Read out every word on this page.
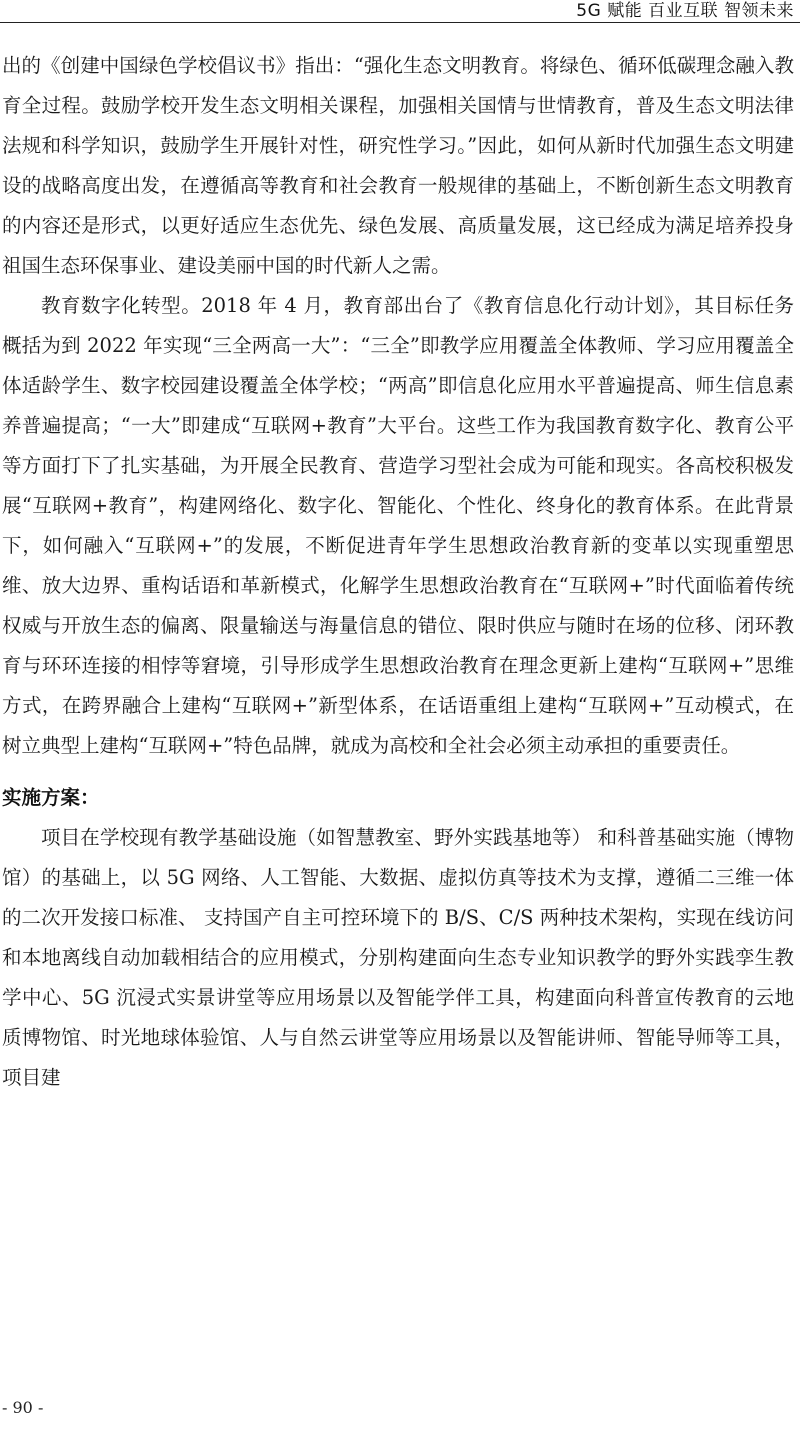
5G 赋能 百业互联 智领未来

出的《创建中国绿色学校倡议书》指出：“强化生态文明教育。将绿色、循环低碳理念融入教育全过程。鼓励学校开发生态文明相关课程，加强相关国情与世情教育，普及生态文明法律法规和科学知识，鼓励学生开展针对性，研究性学习。”因此，如何从新时代加强生态文明建设的战略高度出发，在遵循高等教育和社会教育一般规律的基础上，不断创新生态文明教育的内容还是形式，以更好适应生态优先、绿色发展、高质量发展，这已经成为满足培养投身祖国生态环保事业、建设美丽中国的时代新人之需。

教育数字化转型。2018 年 4 月，教育部出台了《教育信息化行动计划》，其目标任务概括为到 2022 年实现“三全两高一大”：“三全”即教学应用覆盖全体教师、学习应用覆盖全体适龄学生、数字校园建设覆盖全体学校；“两高”即信息化应用水平普遍提高、师生信息素养普遍提高；“一大”即建成“互联网+教育”大平台。这些工作为我国教育数字化、教育公平等方面打下了扎实基础，为开展全民教育、营造学习型社会成为可能和现实。各高校积极发展“互联网+教育”，构建网络化、数字化、智能化、个性化、终身化的教育体系。在此背景下，如何融入“互联网+”的发展，不断促进青年学生思想政治教育新的变革以实现重塑思维、放大边界、重构话语和革新模式，化解学生思想政治教育在“互联网+”时代面临着传统权威与开放生态的偏离、限量输送与海量信息的错位、限时供应与随时在场的位移、闭环教育与环环连接的相悖等窘境，引导形成学生思想政治教育在理念更新上建构“互联网+”思维方式，在跨界融合上建构“互联网+”新型体系，在话语重组上建构“互联网+”互动模式，在树立典型上建构“互联网+”特色品牌，就成为高校和全社会必须主动承担的重要责任。

实施方案：

项目在学校现有教学基础设施（如智慧教室、野外实践基地等） 和科普基础实施（博物馆）的基础上，以 5G 网络、人工智能、大数据、虚拟仿真等技术为支撑，遵循二三维一体的二次开发接口标准、 支持国产自主可控环境下的 B/S、C/S 两种技术架构，实现在线访问和本地离线自动加载相结合的应用模式，分别构建面向生态专业知识教学的野外实践孪生教学中心、5G 沉浸式实景讲堂等应用场景以及智能学伴工具，构建面向科普宣传教育的云地质博物馆、时光地球体验馆、人与自然云讲堂等应用场景以及智能讲师、智能导师等工具，项目建

- 90 -
